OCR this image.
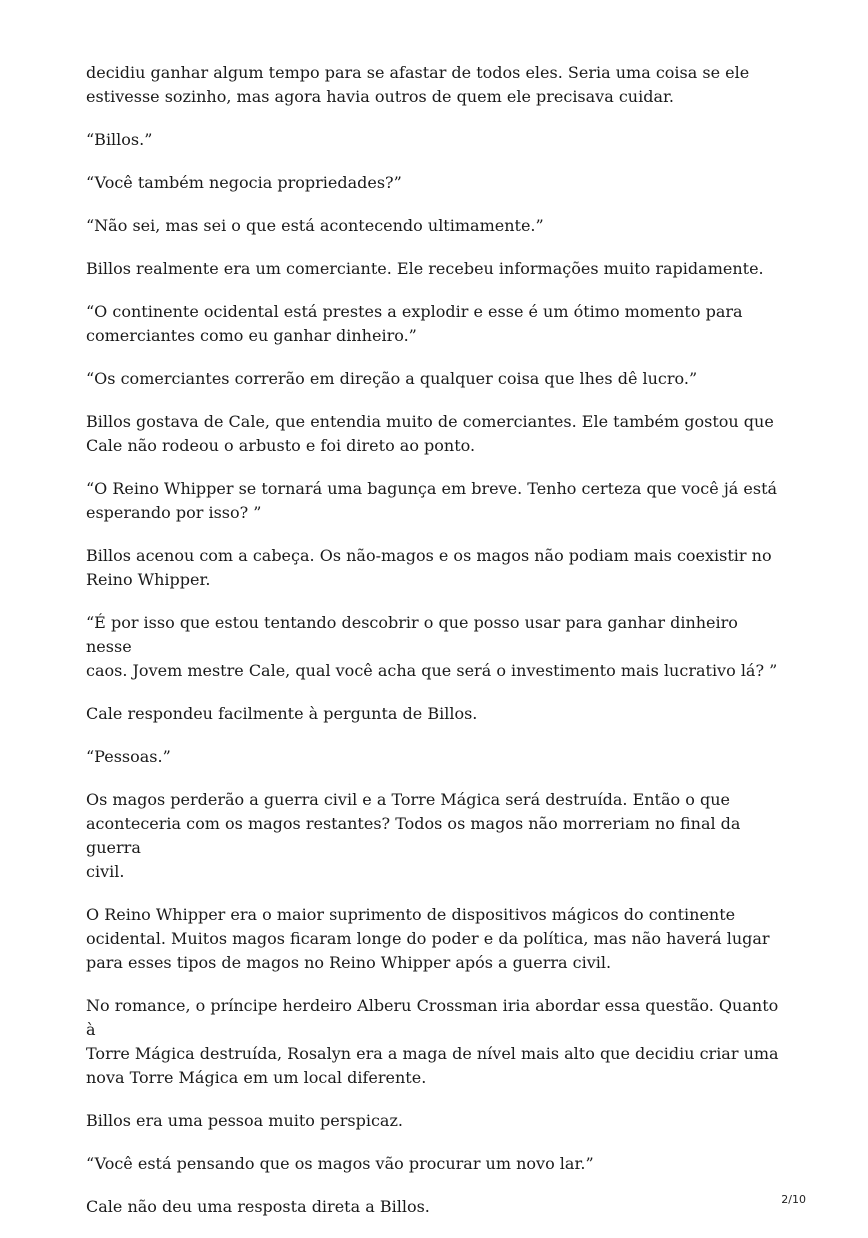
decidiu ganhar algum tempo para se afastar de todos eles. Seria uma coisa se ele
estivesse sozinho, mas agora havia outros de quem ele precisava cuidar.

“Billos.”

“Você também negocia propriedades?”

“Não sei, mas sei o que está acontecendo ultimamente.”

Billos realmente era um comerciante. Ele recebeu informações muito rapidamente.

“O continente ocidental está prestes a explodir e esse é um ótimo momento para
comerciantes como eu ganhar dinheiro.”

“Os comerciantes correrão em direção a qualquer coisa que lhes dê lucro.”

Billos gostava de Cale, que entendia muito de comerciantes. Ele também gostou que
Cale não rodeou o arbusto e foi direto ao ponto.

“O Reino Whipper se tornará uma bagunça em breve. Tenho certeza que você já está
esperando por isso? ”

Billos acenou com a cabeça. Os não-magos e os magos não podiam mais coexistir no
Reino Whipper.

“É por isso que estou tentando descobrir o que posso usar para ganhar dinheiro nesse
caos. Jovem mestre Cale, qual você acha que será o investimento mais lucrativo lá? ”

Cale respondeu facilmente à pergunta de Billos.

“Pessoas.”

Os magos perderão a guerra civil e a Torre Mágica será destruída. Então o que
aconteceria com os magos restantes? Todos os magos não morreriam no final da guerra
civil.

O Reino Whipper era o maior suprimento de dispositivos mágicos do continente
ocidental. Muitos magos ficaram longe do poder e da política, mas não haverá lugar
para esses tipos de magos no Reino Whipper após a guerra civil.

No romance, o príncipe herdeiro Alberu Crossman iria abordar essa questão. Quanto à
Torre Mágica destruída, Rosalyn era a maga de nível mais alto que decidiu criar uma
nova Torre Mágica em um local diferente.

Billos era uma pessoa muito perspicaz.

“Você está pensando que os magos vão procurar um novo lar.”

Cale não deu uma resposta direta a Billos.	2/10
